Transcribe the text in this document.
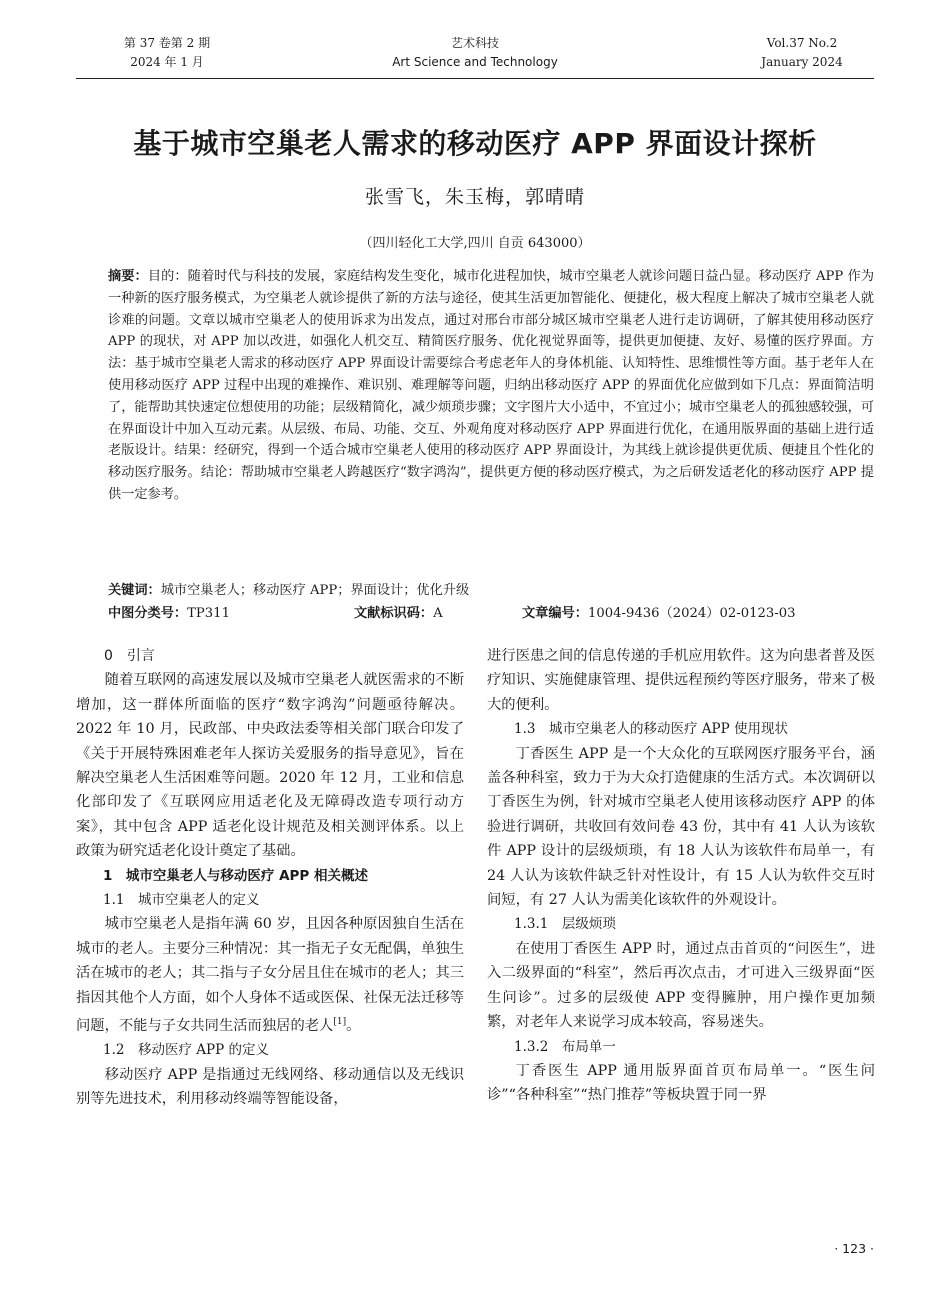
第 37 卷第 2 期
2024 年 1 月
艺术科技
Art Science and Technology
Vol.37 No.2
January 2024
基于城市空巢老人需求的移动医疗 APP 界面设计探析
张雪飞，朱玉梅，郭晴晴
（四川轻化工大学,四川 自贡 643000）
摘要：目的：随着时代与科技的发展，家庭结构发生变化，城市化进程加快，城市空巢老人就诊问题日益凸显。移动医疗 APP 作为一种新的医疗服务模式，为空巢老人就诊提供了新的方法与途径，使其生活更加智能化、便捷化，极大程度上解决了城市空巢老人就诊难的问题。文章以城市空巢老人的使用诉求为出发点，通过对邢台市部分城区城市空巢老人进行走访调研，了解其使用移动医疗 APP 的现状，对 APP 加以改进，如强化人机交互、精简医疗服务、优化视觉界面等，提供更加便捷、友好、易懂的医疗界面。方法：基于城市空巢老人需求的移动医疗 APP 界面设计需要综合考虑老年人的身体机能、认知特性、思维惯性等方面。基于老年人在使用移动医疗 APP 过程中出现的难操作、难识别、难理解等问题，归纳出移动医疗 APP 的界面优化应做到如下几点：界面简洁明了，能帮助其快速定位想使用的功能；层级精简化，减少烦琐步骤；文字图片大小适中，不宜过小；城市空巢老人的孤独感较强，可在界面设计中加入互动元素。从层级、布局、功能、交互、外观角度对移动医疗 APP 界面进行优化，在通用版界面的基础上进行适老版设计。结果：经研究，得到一个适合城市空巢老人使用的移动医疗 APP 界面设计，为其线上就诊提供更优质、便捷且个性化的移动医疗服务。结论：帮助城市空巢老人跨越医疗“数字鸿沟”，提供更方便的移动医疗模式，为之后研发适老化的移动医疗 APP 提供一定参考。
关键词：城市空巢老人；移动医疗 APP；界面设计；优化升级
中图分类号：TP311	文献标识码：A	文章编号：1004-9436（2024）02-0123-03

0　引言

随着互联网的高速发展以及城市空巢老人就医需求的不断增加，这一群体所面临的医疗“数字鸿沟”问题亟待解决。2022 年 10 月，民政部、中央政法委等相关部门联合印发了《关于开展特殊困难老年人探访关爱服务的指导意见》，旨在解决空巢老人生活困难等问题。2020 年 12 月，工业和信息化部印发了《互联网应用适老化及无障碍改造专项行动方案》，其中包含 APP 适老化设计规范及相关测评体系。以上政策为研究适老化设计奠定了基础。

1　城市空巢老人与移动医疗 APP 相关概述

1.1　城市空巢老人的定义

城市空巢老人是指年满 60 岁，且因各种原因独自生活在城市的老人。主要分三种情况：其一指无子女无配偶，单独生活在城市的老人；其二指与子女分居且住在城市的老人；其三指因其他个人方面，如个人身体不适或医保、社保无法迁移等问题，不能与子女共同生活而独居的老人[1]。

1.2　移动医疗 APP 的定义

移动医疗 APP 是指通过无线网络、移动通信以及无线识别等先进技术，利用移动终端等智能设备，

进行医患之间的信息传递的手机应用软件。这为向患者普及医疗知识、实施健康管理、提供远程预约等医疗服务，带来了极大的便利。

1.3　城市空巢老人的移动医疗 APP 使用现状

丁香医生 APP 是一个大众化的互联网医疗服务平台，涵盖各种科室，致力于为大众打造健康的生活方式。本次调研以丁香医生为例，针对城市空巢老人使用该移动医疗 APP 的体验进行调研，共收回有效问卷 43 份，其中有 41 人认为该软件 APP 设计的层级烦琐，有 18 人认为该软件布局单一，有 24 人认为该软件缺乏针对性设计，有 15 人认为软件交互时间短，有 27 人认为需美化该软件的外观设计。

1.3.1　层级烦琐

在使用丁香医生 APP 时，通过点击首页的“问医生”，进入二级界面的“科室”，然后再次点击，才可进入三级界面“医生问诊”。过多的层级使 APP 变得臃肿，用户操作更加频繁，对老年人来说学习成本较高，容易迷失。

1.3.2　布局单一

丁香医生 APP 通用版界面首页布局单一。“医生问诊”“各种科室”“热门推荐”等板块置于同一界

· 123 ·
